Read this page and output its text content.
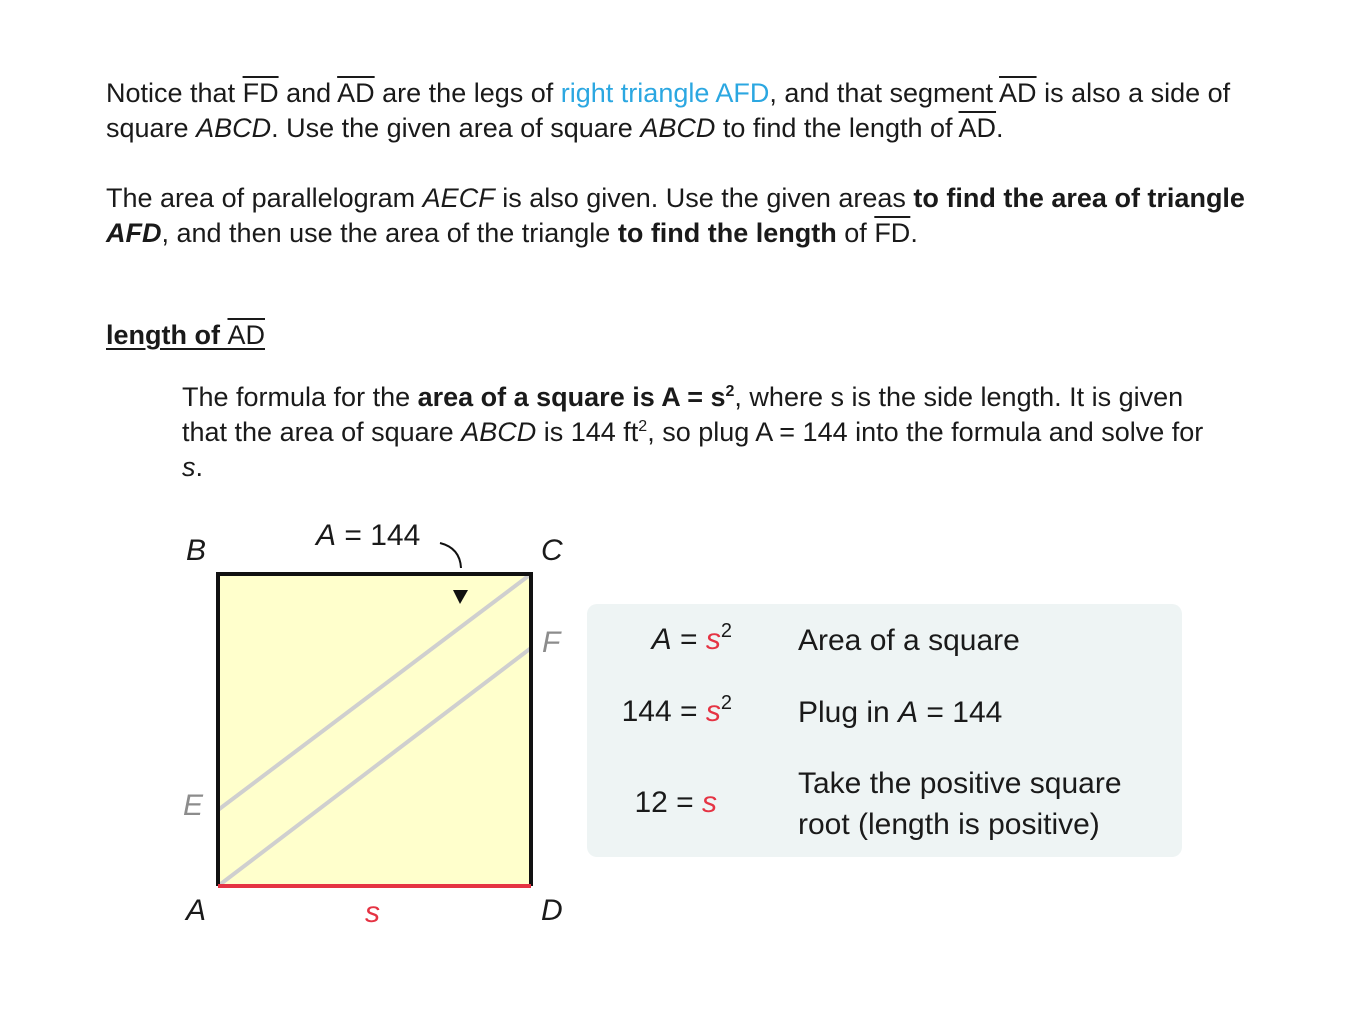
Notice that $\overline{FD}$ and $\overline{AD}$ are the legs of right triangle AFD, and that segment $\overline{AD}$ is also a side of square ABCD. Use the given area of square ABCD to find the length of $\overline{AD}$.

The area of parallelogram AECF is also given. Use the given areas to find the area of triangle AFD, and then use the area of the triangle to find the length of $\overline{FD}$.

length of AD

The formula for the area of a square is $A = s^2$, where s is the side length. It is given that the area of square ABCD is 144 $ft^2$, so plug A = 144 into the formula and solve for s.

B	C
F
E
A	D
s
A = 144
$A = s^2$ Area of a square
$144 = s^2$ Plug in A = 144
12 = s
Take the positive square root (length is positive)
